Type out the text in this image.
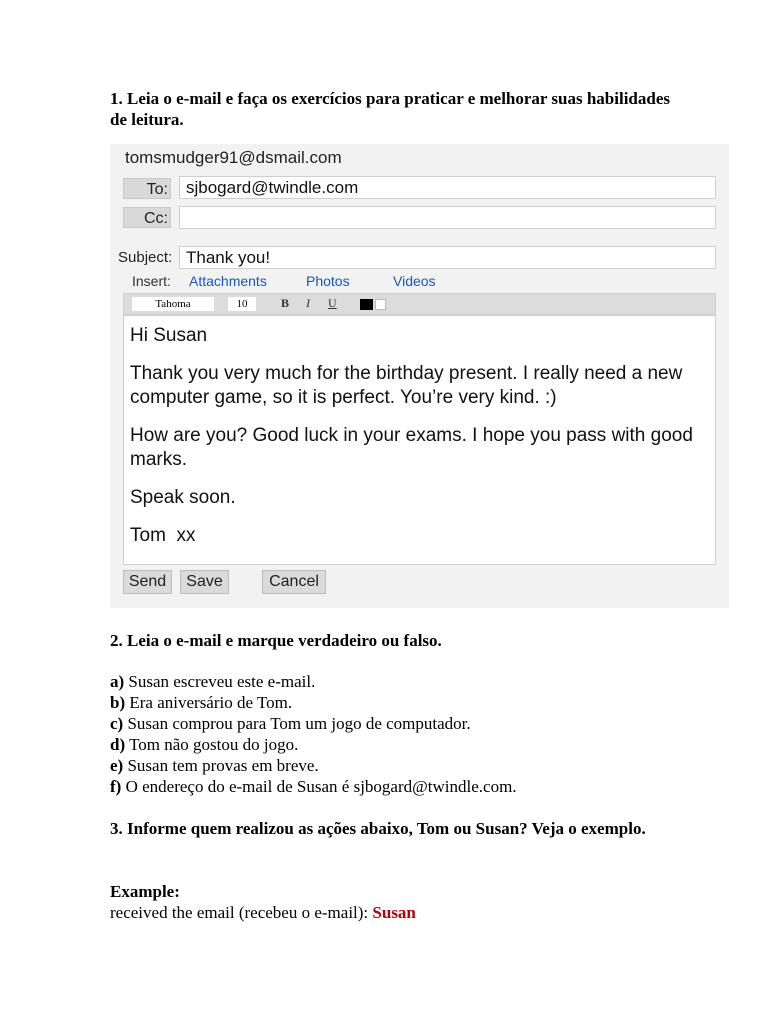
1. Leia o e-mail e faça os exercícios para praticar e melhorar suas habilidades de leitura.
tomsmudger91@dsmail.com
To:	sjbogard@twindle.com
Cc:
Subject: Thank you!
Insert: Attachments	Photos	Videos
Tahoma	10	B I U

Hi Susan

Thank you very much for the birthday present. I really need a new computer game, so it is perfect. You’re very kind. :)

How are you? Good luck in your exams. I hope you pass with good marks.

Speak soon.

Tom  xx

Send	Save	Cancel
2. Leia o e-mail e marque verdadeiro ou falso.
a) Susan escreveu este e-mail.
b) Era aniversário de Tom.
c) Susan comprou para Tom um jogo de computador.
d) Tom não gostou do jogo.
e) Susan tem provas em breve.
f) O endereço do e-mail de Susan é sjbogard@twindle.com.
3. Informe quem realizou as ações abaixo, Tom ou Susan? Veja o exemplo.
Example:
received the email (recebeu o e-mail): Susan
